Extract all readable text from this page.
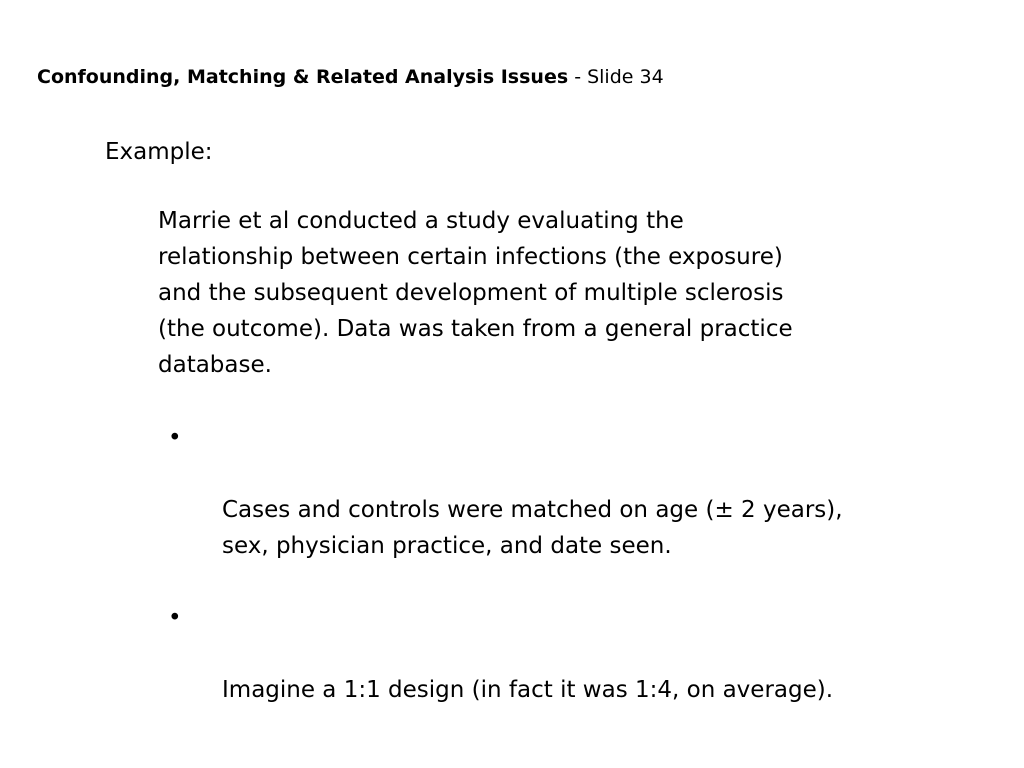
Confounding, Matching & Related Analysis Issues - Slide 34
Example:
Marrie et al conducted a study evaluating the
relationship between certain infections (the exposure)
and the subsequent development of multiple sclerosis
(the outcome). Data was taken from a general practice
database.

•

Cases and controls were matched on age (± 2 years),
sex, physician practice, and date seen.

•

Imagine a 1:1 design (in fact it was 1:4, on average).
